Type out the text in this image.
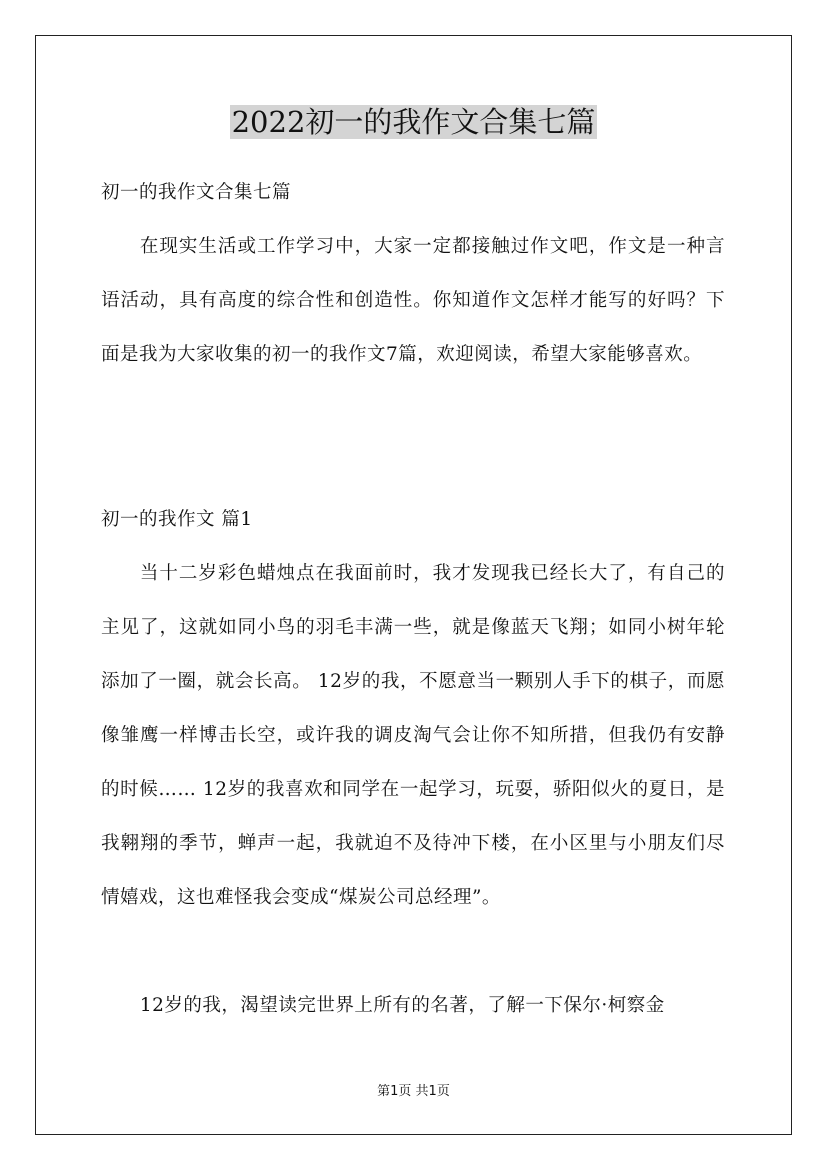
2022初一的我作文合集七篇

初一的我作文合集七篇

在现实生活或工作学习中，大家一定都接触过作文吧，作文是一种言语活动，具有高度的综合性和创造性。你知道作文怎样才能写的好吗？下面是我为大家收集的初一的我作文7篇，欢迎阅读，希望大家能够喜欢。

初一的我作文 篇1

当十二岁彩色蜡烛点在我面前时，我才发现我已经长大了，有自己的主见了，这就如同小鸟的羽毛丰满一些，就是像蓝天飞翔；如同小树年轮添加了一圈，就会长高。 12岁的我，不愿意当一颗别人手下的棋子，而愿像雏鹰一样博击长空，或许我的调皮淘气会让你不知所措，但我仍有安静的时候…… 12岁的我喜欢和同学在一起学习，玩耍，骄阳似火的夏日，是我翱翔的季节，蝉声一起，我就迫不及待冲下楼，在小区里与小朋友们尽情嬉戏，这也难怪我会变成“煤炭公司总经理”。

12岁的我，渴望读完世界上所有的名著，了解一下保尔·柯察金

第1页 共1页
